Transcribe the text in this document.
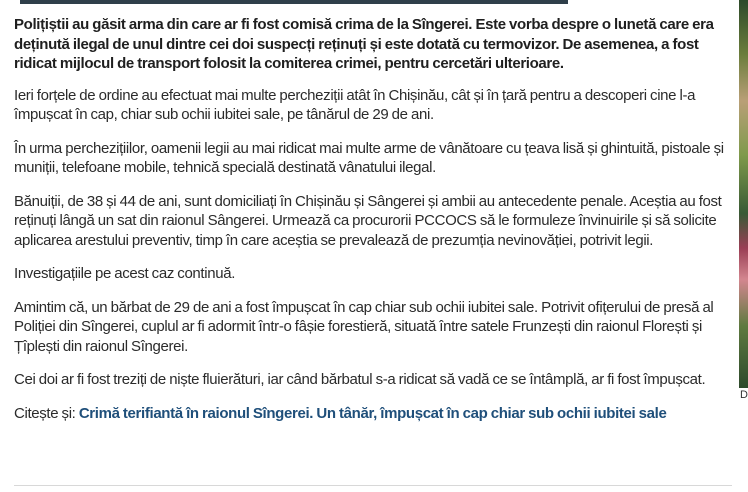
Polițiștii au găsit arma din care ar fi fost comisă crima de la Sîngerei. Este vorba despre o lunetă care era deținută ilegal de unul dintre cei doi suspecți reținuți și este dotată cu termovizor. De asemenea, a fost ridicat mijlocul de transport folosit la comiterea crimei, pentru cercetări ulterioare.

Ieri forțele de ordine au efectuat mai multe percheziții atât în Chișinău, cât și în țară pentru a descoperi cine l-a împușcat în cap, chiar sub ochii iubitei sale, pe tânărul de 29 de ani.

În urma perchezițiilor, oamenii legii au mai ridicat mai multe arme de vânătoare cu țeava lisă și ghintuită, pistoale și muniții, telefoane mobile, tehnică specială destinată vânatului ilegal.

Bănuiții, de 38 și 44 de ani, sunt domiciliați în Chișinău și Sângerei și ambii au antecedente penale. Aceștia au fost reținuți lângă un sat din raionul Sângerei. Urmează ca procurorii PCCOCS să le formuleze învinuirile și să solicite aplicarea arestului preventiv, timp în care aceștia se prevalează de prezumția nevinovăției, potrivit legii.

Investigațiile pe acest caz continuă.

Amintim că, un bărbat de 29 de ani a fost împușcat în cap chiar sub ochii iubitei sale. Potrivit ofițerului de presă al Poliției din Sîngerei, cuplul ar fi adormit într-o fâșie forestieră, situată între satele Frunzești din raionul Florești și Țîplești din raionul Sîngerei.

Cei doi ar fi fost treziți de niște fluierături, iar când bărbatul s-a ridicat să vadă ce se întâmplă, ar fi fost împușcat.

Citește și: Crimă terifiantă în raionul Sîngerei. Un tânăr, împușcat în cap chiar sub ochii iubitei sale

D
